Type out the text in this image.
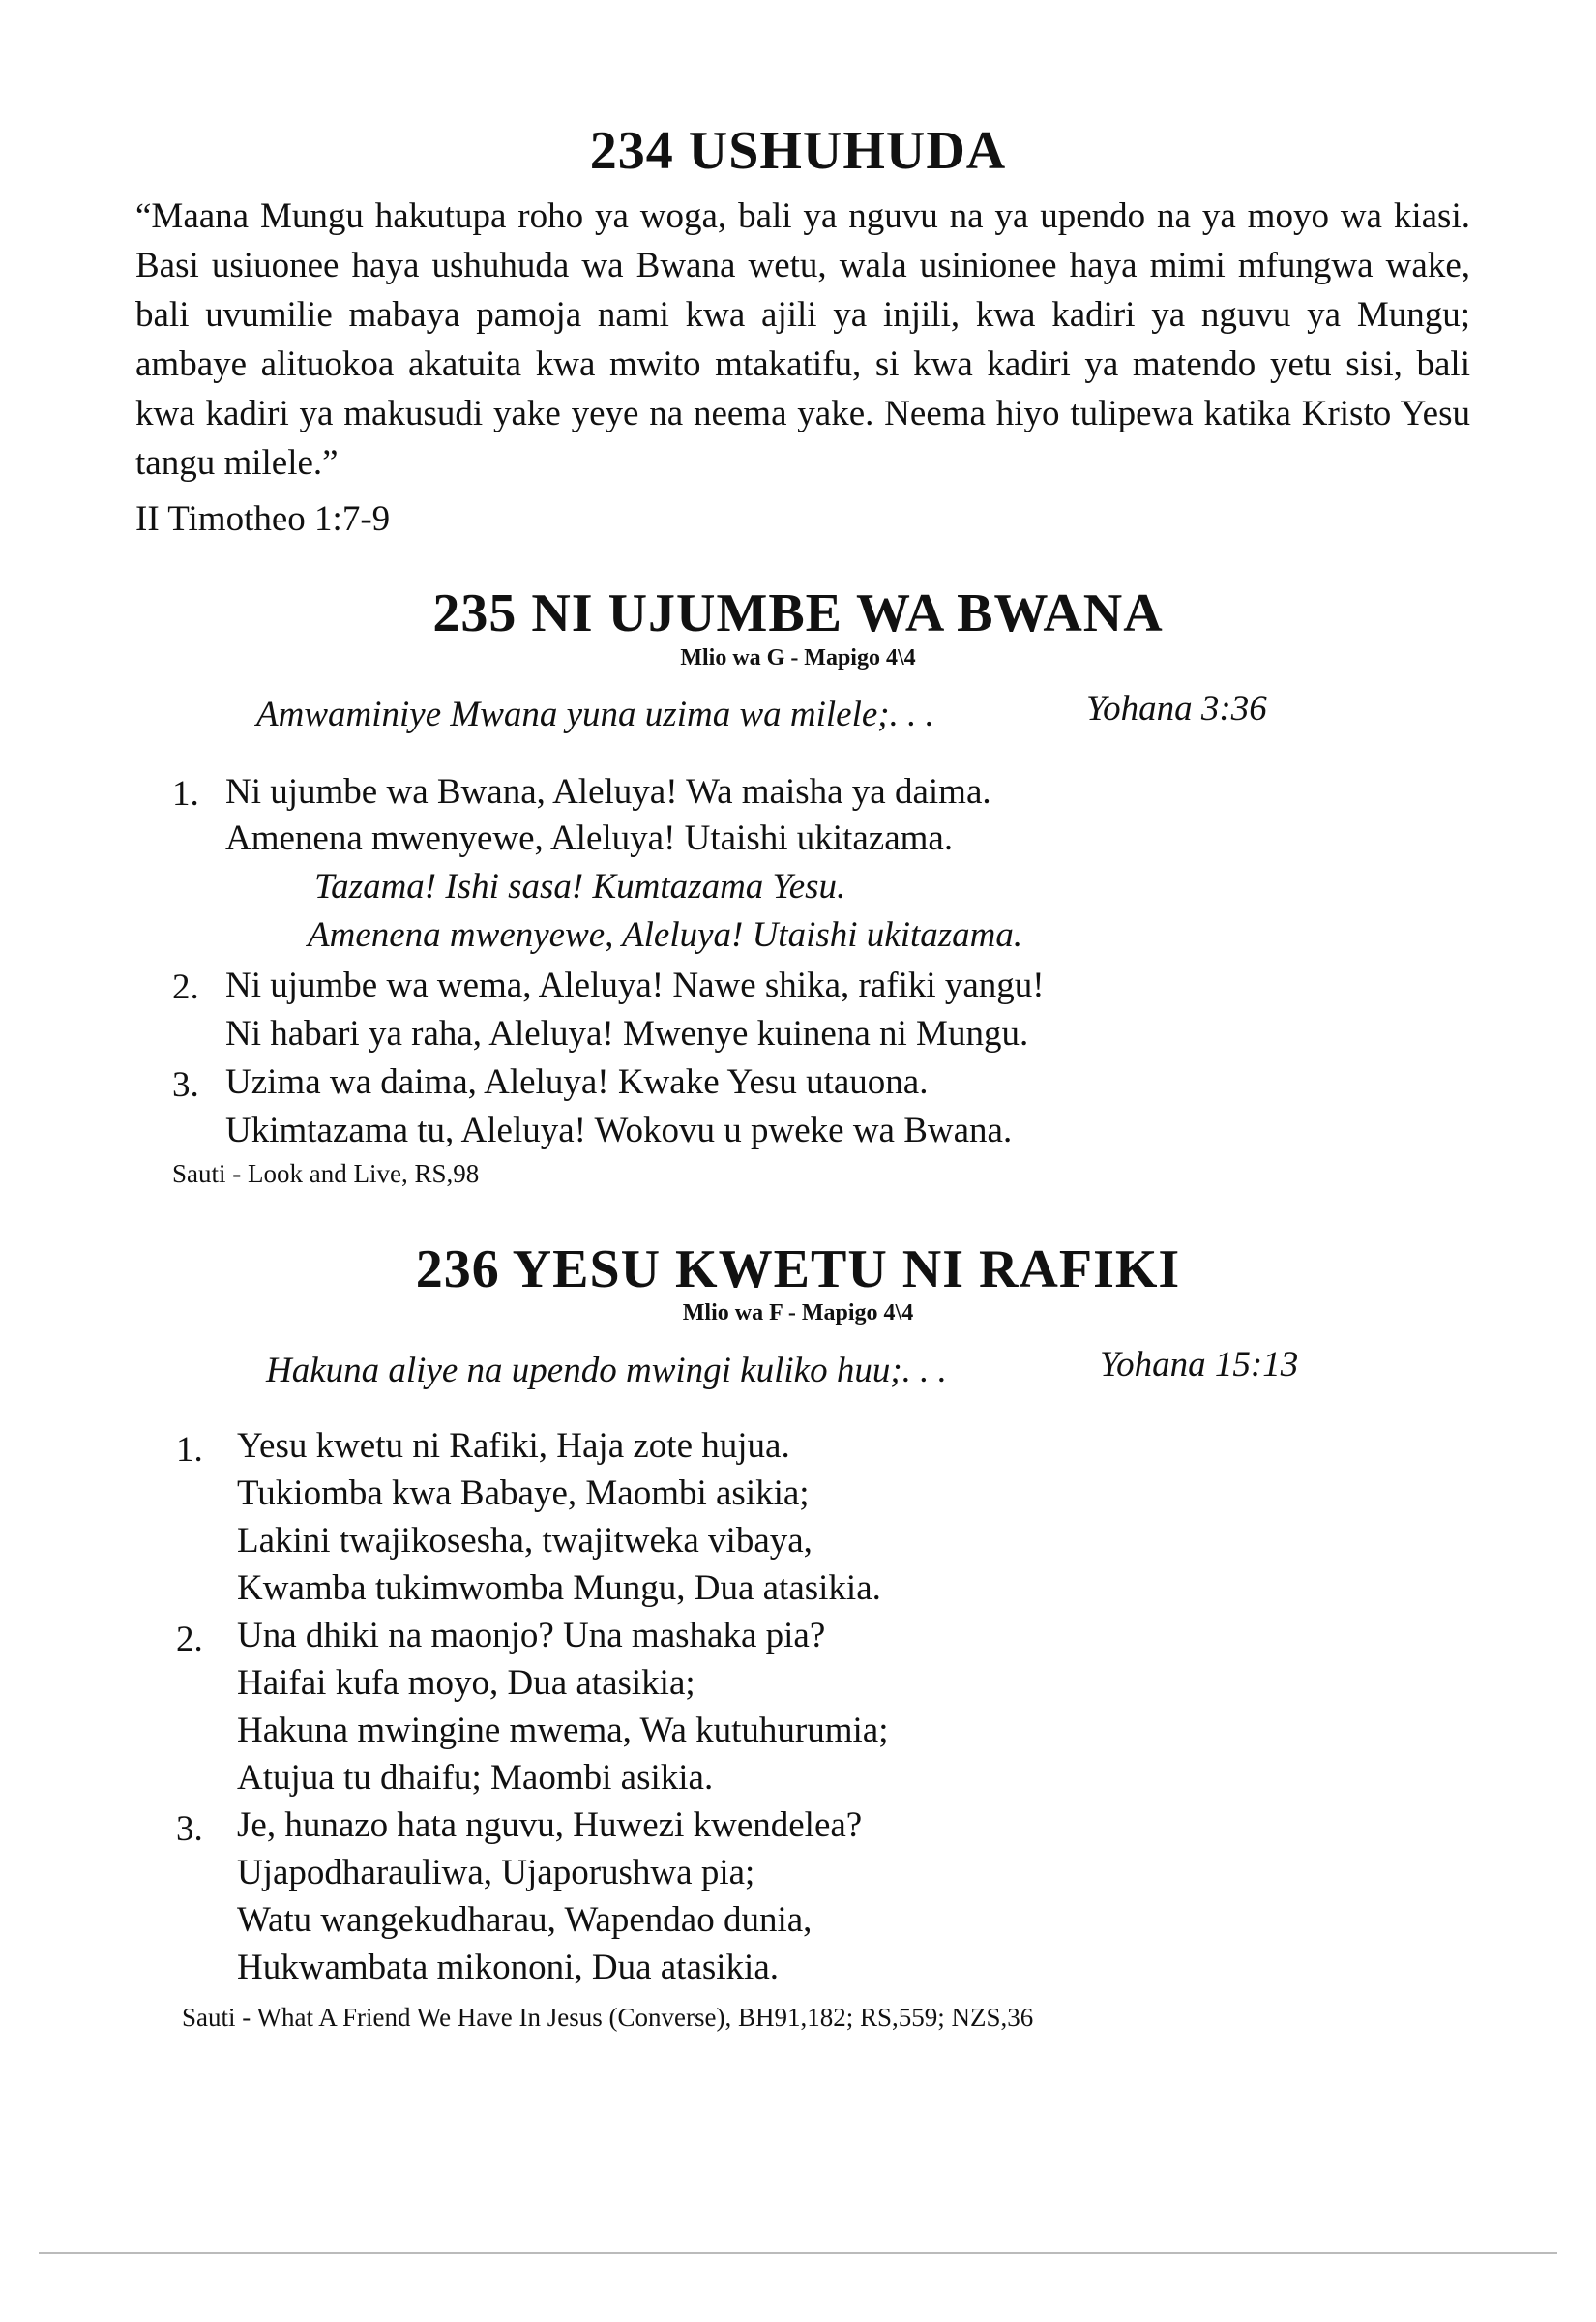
234 USHUHUDA

“Maana Mungu hakutupa roho ya woga, bali ya nguvu na ya upendo na ya moyo wa kiasi. Basi usiuonee haya ushuhuda wa Bwana wetu, wala usinionee haya mimi mfungwa wake, bali uvumilie mabaya pamoja nami kwa ajili ya injili, kwa kadiri ya nguvu ya Mungu; ambaye alituokoa akatuita kwa mwito mtakatifu, si kwa kadiri ya matendo yetu sisi, bali kwa kadiri ya makusudi yake yeye na neema yake. Neema hiyo tulipewa katika Kristo Yesu tangu milele.”

II Timotheo 1:7-9

235 NI UJUMBE WA BWANA
Mlio wa G - Mapigo 4\4
Amwaminiye Mwana yuna uzima wa milele;. . .	Yohana 3:36
1. Ni ujumbe wa Bwana, Aleluya! Wa maisha ya daima.
Amenena mwenyewe, Aleluya! Utaishi ukitazama.
Tazama! Ishi sasa! Kumtazama Yesu.
Amenena mwenyewe, Aleluya! Utaishi ukitazama.
2. Ni ujumbe wa wema, Aleluya! Nawe shika, rafiki yangu!
Ni habari ya raha, Aleluya! Mwenye kuinena ni Mungu.
3. Uzima wa daima, Aleluya! Kwake Yesu utauona.
Ukimtazama tu, Aleluya! Wokovu u pweke wa Bwana.
Sauti - Look and Live, RS,98
236 YESU KWETU NI RAFIKI
Mlio wa F - Mapigo 4\4
Hakuna aliye na upendo mwingi kuliko huu;. . .	Yohana 15:13
1. Yesu kwetu ni Rafiki, Haja zote hujua.
Tukiomba kwa Babaye, Maombi asikia;
Lakini twajikosesha, twajitweka vibaya,
Kwamba tukimwomba Mungu, Dua atasikia.
2. Una dhiki na maonjo? Una mashaka pia?
Haifai kufa moyo, Dua atasikia;
Hakuna mwingine mwema, Wa kutuhurumia;
Atujua tu dhaifu; Maombi asikia.
3. Je, hunazo hata nguvu, Huwezi kwendelea?
Ujapodharauliwa, Ujaporushwa pia;
Watu wangekudharau, Wapendao dunia,
Hukwambata mikononi, Dua atasikia.
Sauti - What A Friend We Have In Jesus (Converse), BH91,182; RS,559; NZS,36
